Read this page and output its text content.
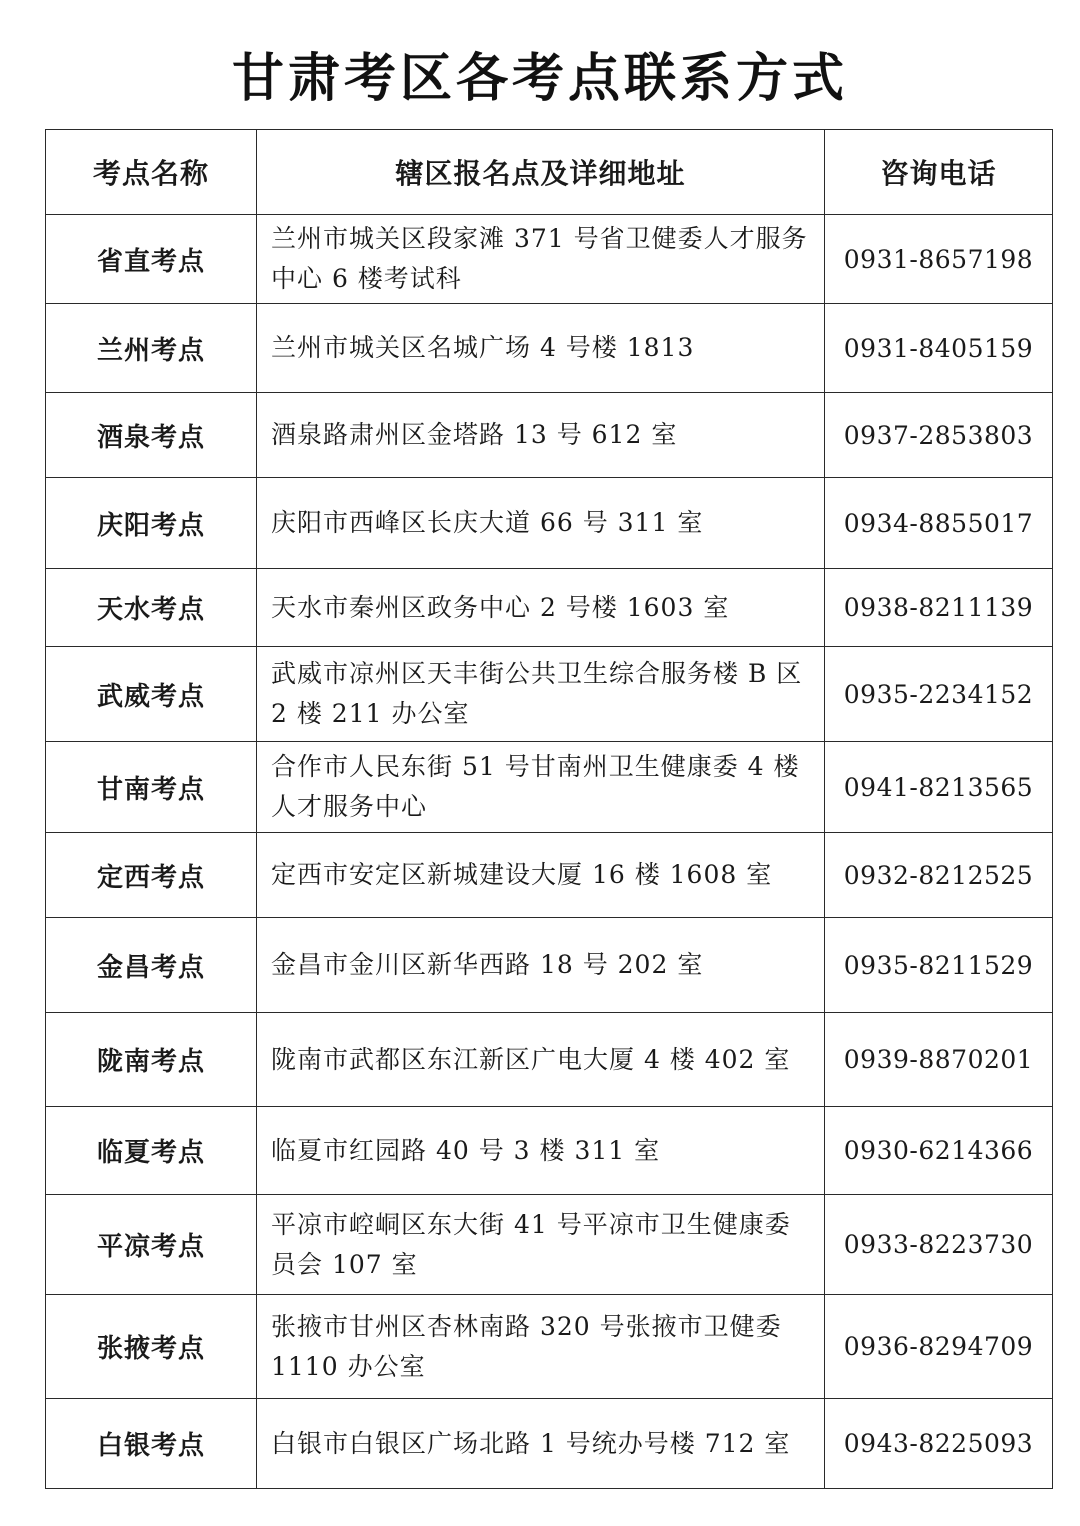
甘肃考区各考点联系方式
考点名称	辖区报名点及详细地址	咨询电话
省直考点	兰州市城关区段家滩 371 号省卫健委人才服务中心 6 楼考试科	0931-8657198
兰州考点	兰州市城关区名城广场 4 号楼 1813	0931-8405159
酒泉考点	酒泉路肃州区金塔路 13 号 612 室	0937-2853803
庆阳考点	庆阳市西峰区长庆大道 66 号 311 室	0934-8855017
天水考点	天水市秦州区政务中心 2 号楼 1603 室	0938-8211139
武威考点	武威市凉州区天丰街公共卫生综合服务楼 B 区 2 楼 211 办公室	0935-2234152
甘南考点	合作市人民东街 51 号甘南州卫生健康委 4 楼人才服务中心	0941-8213565
定西考点	定西市安定区新城建设大厦 16 楼 1608 室	0932-8212525
金昌考点	金昌市金川区新华西路 18 号 202 室	0935-8211529
陇南考点	陇南市武都区东江新区广电大厦 4 楼 402 室	0939-8870201
临夏考点	临夏市红园路 40 号 3 楼 311 室	0930-6214366
平凉考点	平凉市崆峒区东大街 41 号平凉市卫生健康委员会 107 室	0933-8223730
张掖考点	张掖市甘州区杏林南路 320 号张掖市卫健委 1110 办公室	0936-8294709
白银考点	白银市白银区广场北路 1 号统办号楼 712 室	0943-8225093
